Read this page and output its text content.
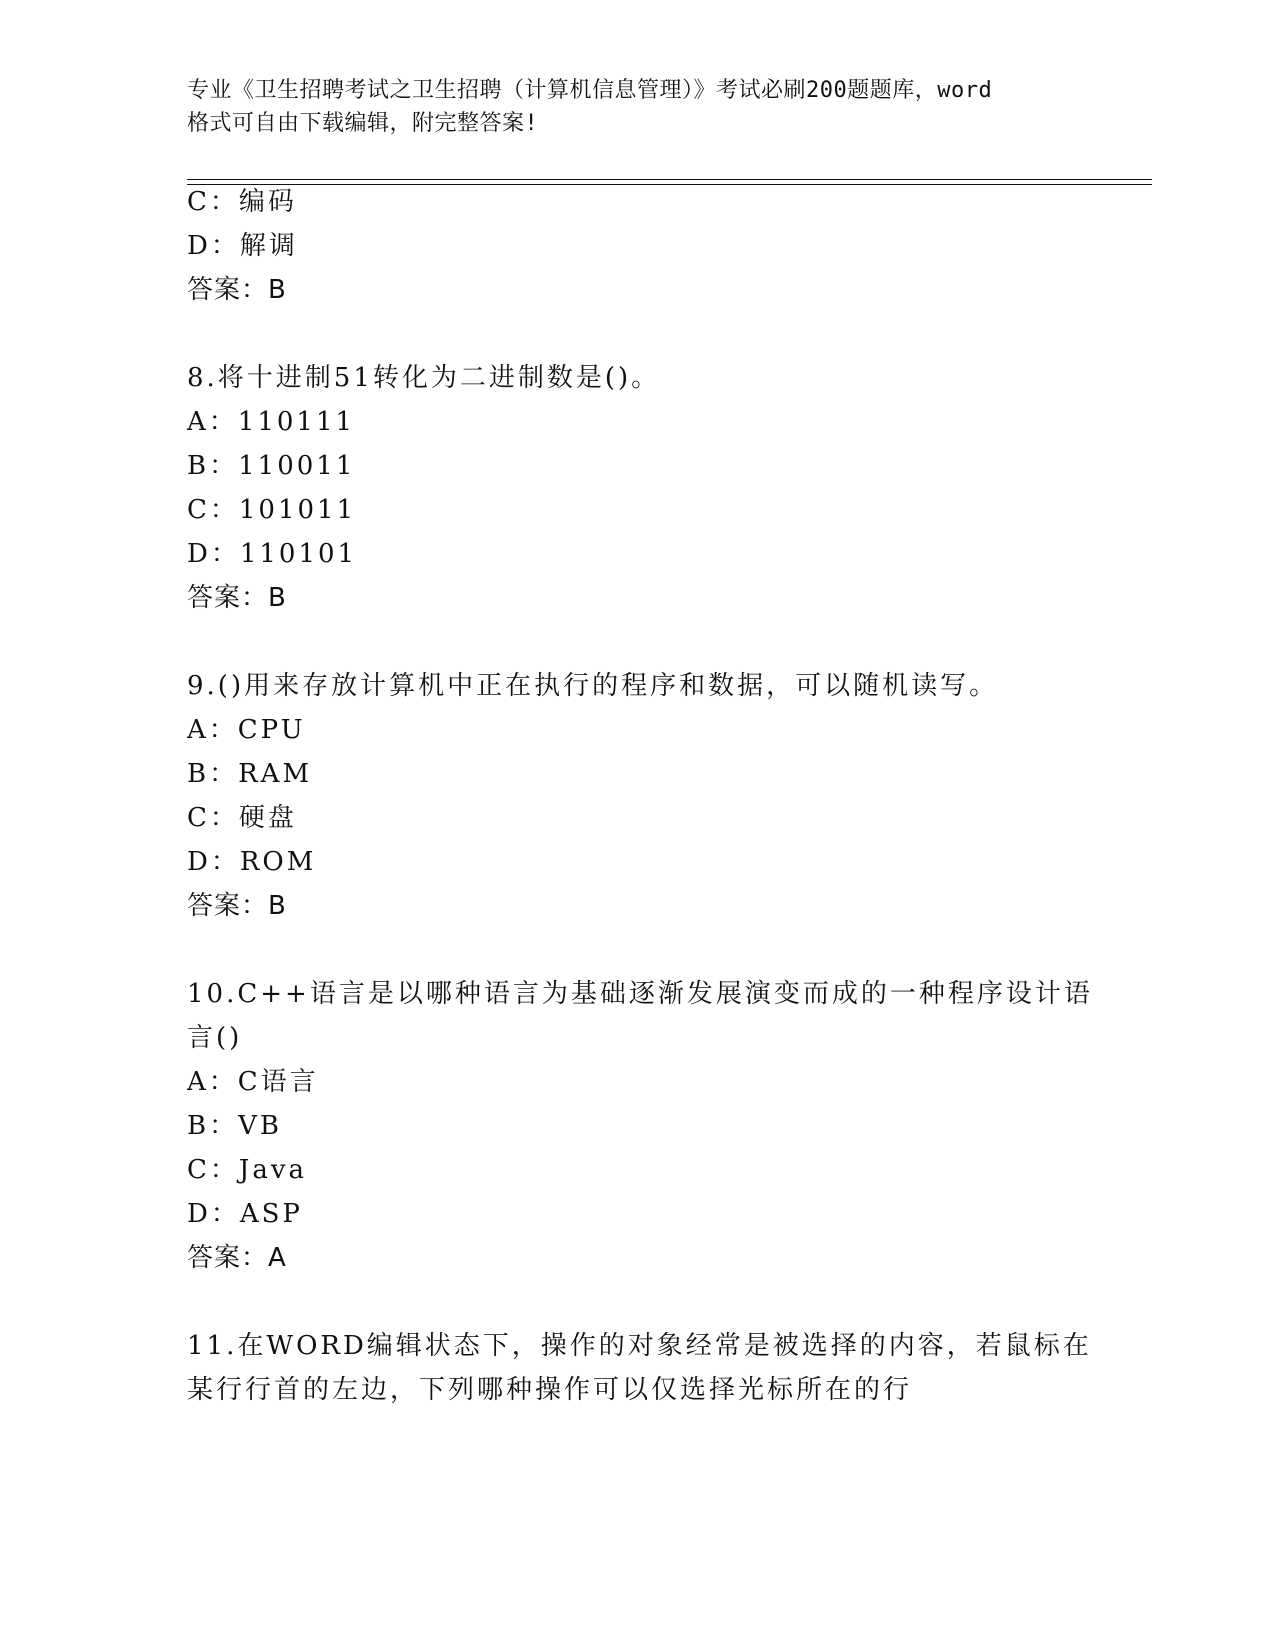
专业《卫生招聘考试之卫生招聘（计算机信息管理）》考试必刷200题题库，word
格式可自由下载编辑，附完整答案!
C：编码
D：解调
答案：B
8.将十进制51转化为二进制数是()。
A：110111
B：110011
C：101011
D：110101
答案：B
9.()用来存放计算机中正在执行的程序和数据，可以随机读写。
A：CPU
B：RAM
C：硬盘
D：ROM
答案：B
10.C++语言是以哪种语言为基础逐渐发展演变而成的一种程序设计语
言()
A：C语言
B：VB
C：Java
D：ASP
答案：A
11.在WORD编辑状态下，操作的对象经常是被选择的内容，若鼠标在
某行行首的左边，下列哪种操作可以仅选择光标所在的行
